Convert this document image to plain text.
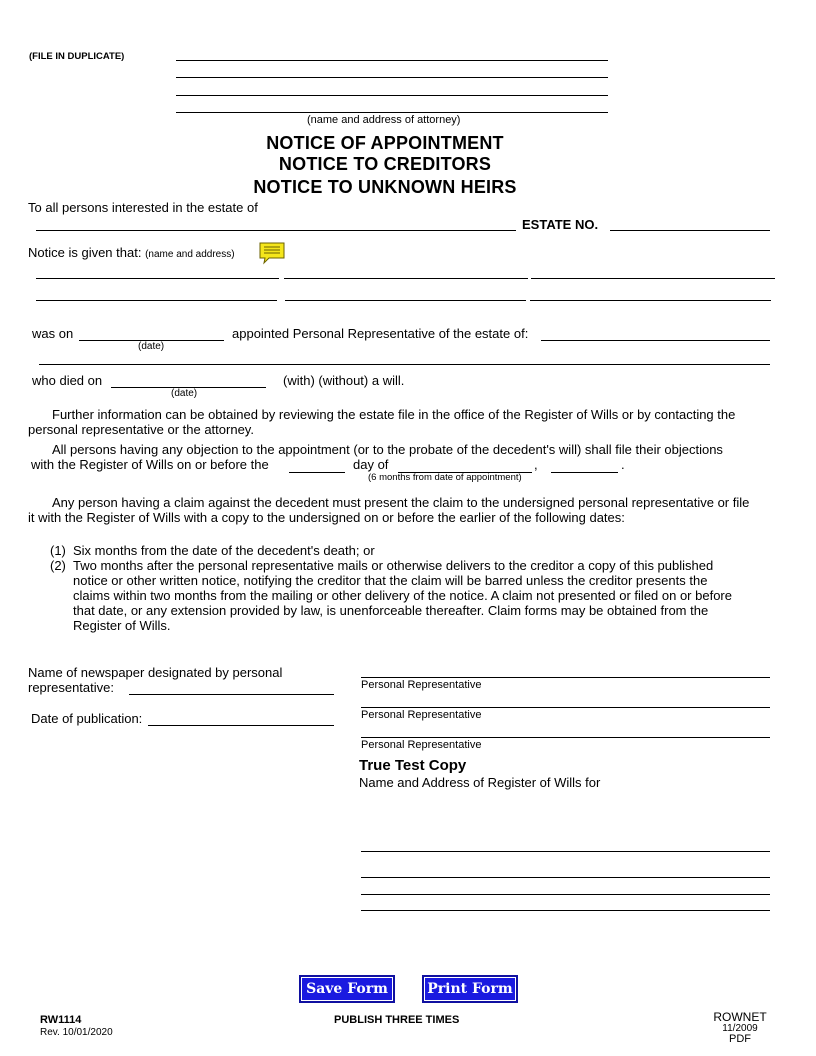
(FILE IN DUPLICATE)
(name and address of attorney)
NOTICE OF APPOINTMENT
NOTICE TO CREDITORS
NOTICE TO UNKNOWN HEIRS
To all persons interested in the estate of
ESTATE NO.
Notice is given that: (name and address)
was on
(date)
appointed Personal Representative of the estate of:
who died on
(date)
(with) (without) a will.
Further information can be obtained by reviewing the estate file in the office of the Register of Wills or by contacting the personal representative or the attorney.
All persons having any objection to the appointment (or to the probate of the decedent's will) shall file their objections
with the Register of Wills on or before the	day of	,	.
(6 months from date of appointment)
Any person having a claim against the decedent must present the claim to the undersigned personal representative or file it with the Register of Wills with a copy to the undersigned on or before the earlier of the following dates:
(1) Six months from the date of the decedent's death; or
(2) Two months after the personal representative mails or otherwise delivers to the creditor a copy of this published notice or other written notice, notifying the creditor that the claim will be barred unless the creditor presents the claims within two months from the mailing or other delivery of the notice. A claim not presented or filed on or before that date, or any extension provided by law, is unenforceable thereafter. Claim forms may be obtained from the Register of Wills.
Name of newspaper designated by personal
representative:
Date of publication:
Personal Representative
Personal Representative
Personal Representative
True Test Copy
Name and Address of Register of Wills for
Save Form	Print Form
RW1114
Rev. 10/01/2020
PUBLISH THREE TIMES	ROWNET
11/2009
PDF
